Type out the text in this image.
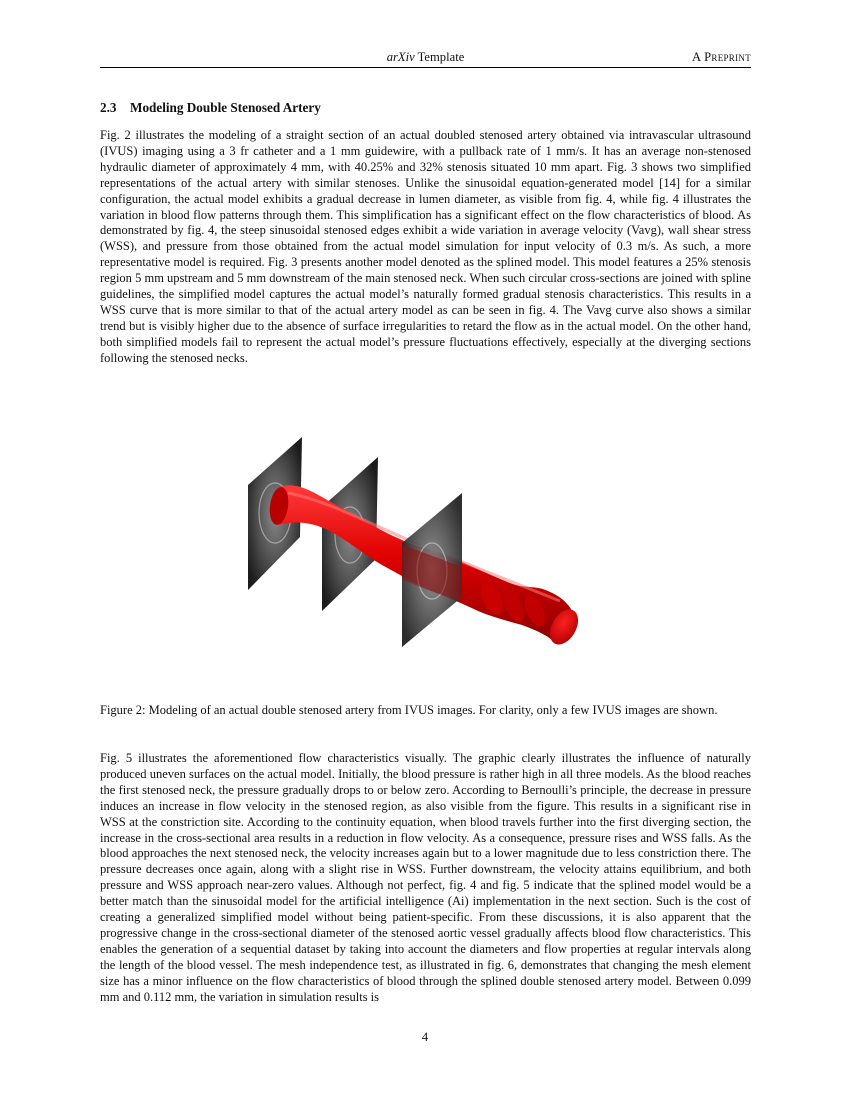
arXiv Template	A Preprint
2.3 Modeling Double Stenosed Artery

Fig. 2 illustrates the modeling of a straight section of an actual doubled stenosed artery obtained via intravascular ultrasound (IVUS) imaging using a 3 fr catheter and a 1 mm guidewire, with a pullback rate of 1 mm/s. It has an average non-stenosed hydraulic diameter of approximately 4 mm, with 40.25% and 32% stenosis situated 10 mm apart. Fig. 3 shows two simplified representations of the actual artery with similar stenoses. Unlike the sinusoidal equation-generated model [14] for a similar configuration, the actual model exhibits a gradual decrease in lumen diameter, as visible from fig. 4, while fig. 4 illustrates the variation in blood flow patterns through them. This simplification has a significant effect on the flow characteristics of blood. As demonstrated by fig. 4, the steep sinusoidal stenosed edges exhibit a wide variation in average velocity (Vavg), wall shear stress (WSS), and pressure from those obtained from the actual model simulation for input velocity of 0.3 m/s. As such, a more representative model is required. Fig. 3 presents another model denoted as the splined model. This model features a 25% stenosis region 5 mm upstream and 5 mm downstream of the main stenosed neck. When such circular cross-sections are joined with spline guidelines, the simplified model captures the actual model’s naturally formed gradual stenosis characteristics. This results in a WSS curve that is more similar to that of the actual artery model as can be seen in fig. 4. The Vavg curve also shows a similar trend but is visibly higher due to the absence of surface irregularities to retard the flow as in the actual model. On the other hand, both simplified models fail to represent the actual model’s pressure fluctuations effectively, especially at the diverging sections following the stenosed necks.

Figure 2: Modeling of an actual double stenosed artery from IVUS images. For clarity, only a few IVUS images are shown.

Fig. 5 illustrates the aforementioned flow characteristics visually. The graphic clearly illustrates the influence of naturally produced uneven surfaces on the actual model. Initially, the blood pressure is rather high in all three models. As the blood reaches the first stenosed neck, the pressure gradually drops to or below zero. According to Bernoulli’s principle, the decrease in pressure induces an increase in flow velocity in the stenosed region, as also visible from the figure. This results in a significant rise in WSS at the constriction site. According to the continuity equation, when blood travels further into the first diverging section, the increase in the cross-sectional area results in a reduction in flow velocity. As a consequence, pressure rises and WSS falls. As the blood approaches the next stenosed neck, the velocity increases again but to a lower magnitude due to less constriction there. The pressure decreases once again, along with a slight rise in WSS. Further downstream, the velocity attains equilibrium, and both pressure and WSS approach near-zero values. Although not perfect, fig. 4 and fig. 5 indicate that the splined model would be a better match than the sinusoidal model for the artificial intelligence (Ai) implementation in the next section. Such is the cost of creating a generalized simplified model without being patient-specific. From these discussions, it is also apparent that the progressive change in the cross-sectional diameter of the stenosed aortic vessel gradually affects blood flow characteristics. This enables the generation of a sequential dataset by taking into account the diameters and flow properties at regular intervals along the length of the blood vessel. The mesh independence test, as illustrated in fig. 6, demonstrates that changing the mesh element size has a minor influence on the flow characteristics of blood through the splined double stenosed artery model. Between 0.099 mm and 0.112 mm, the variation in simulation results is

4
